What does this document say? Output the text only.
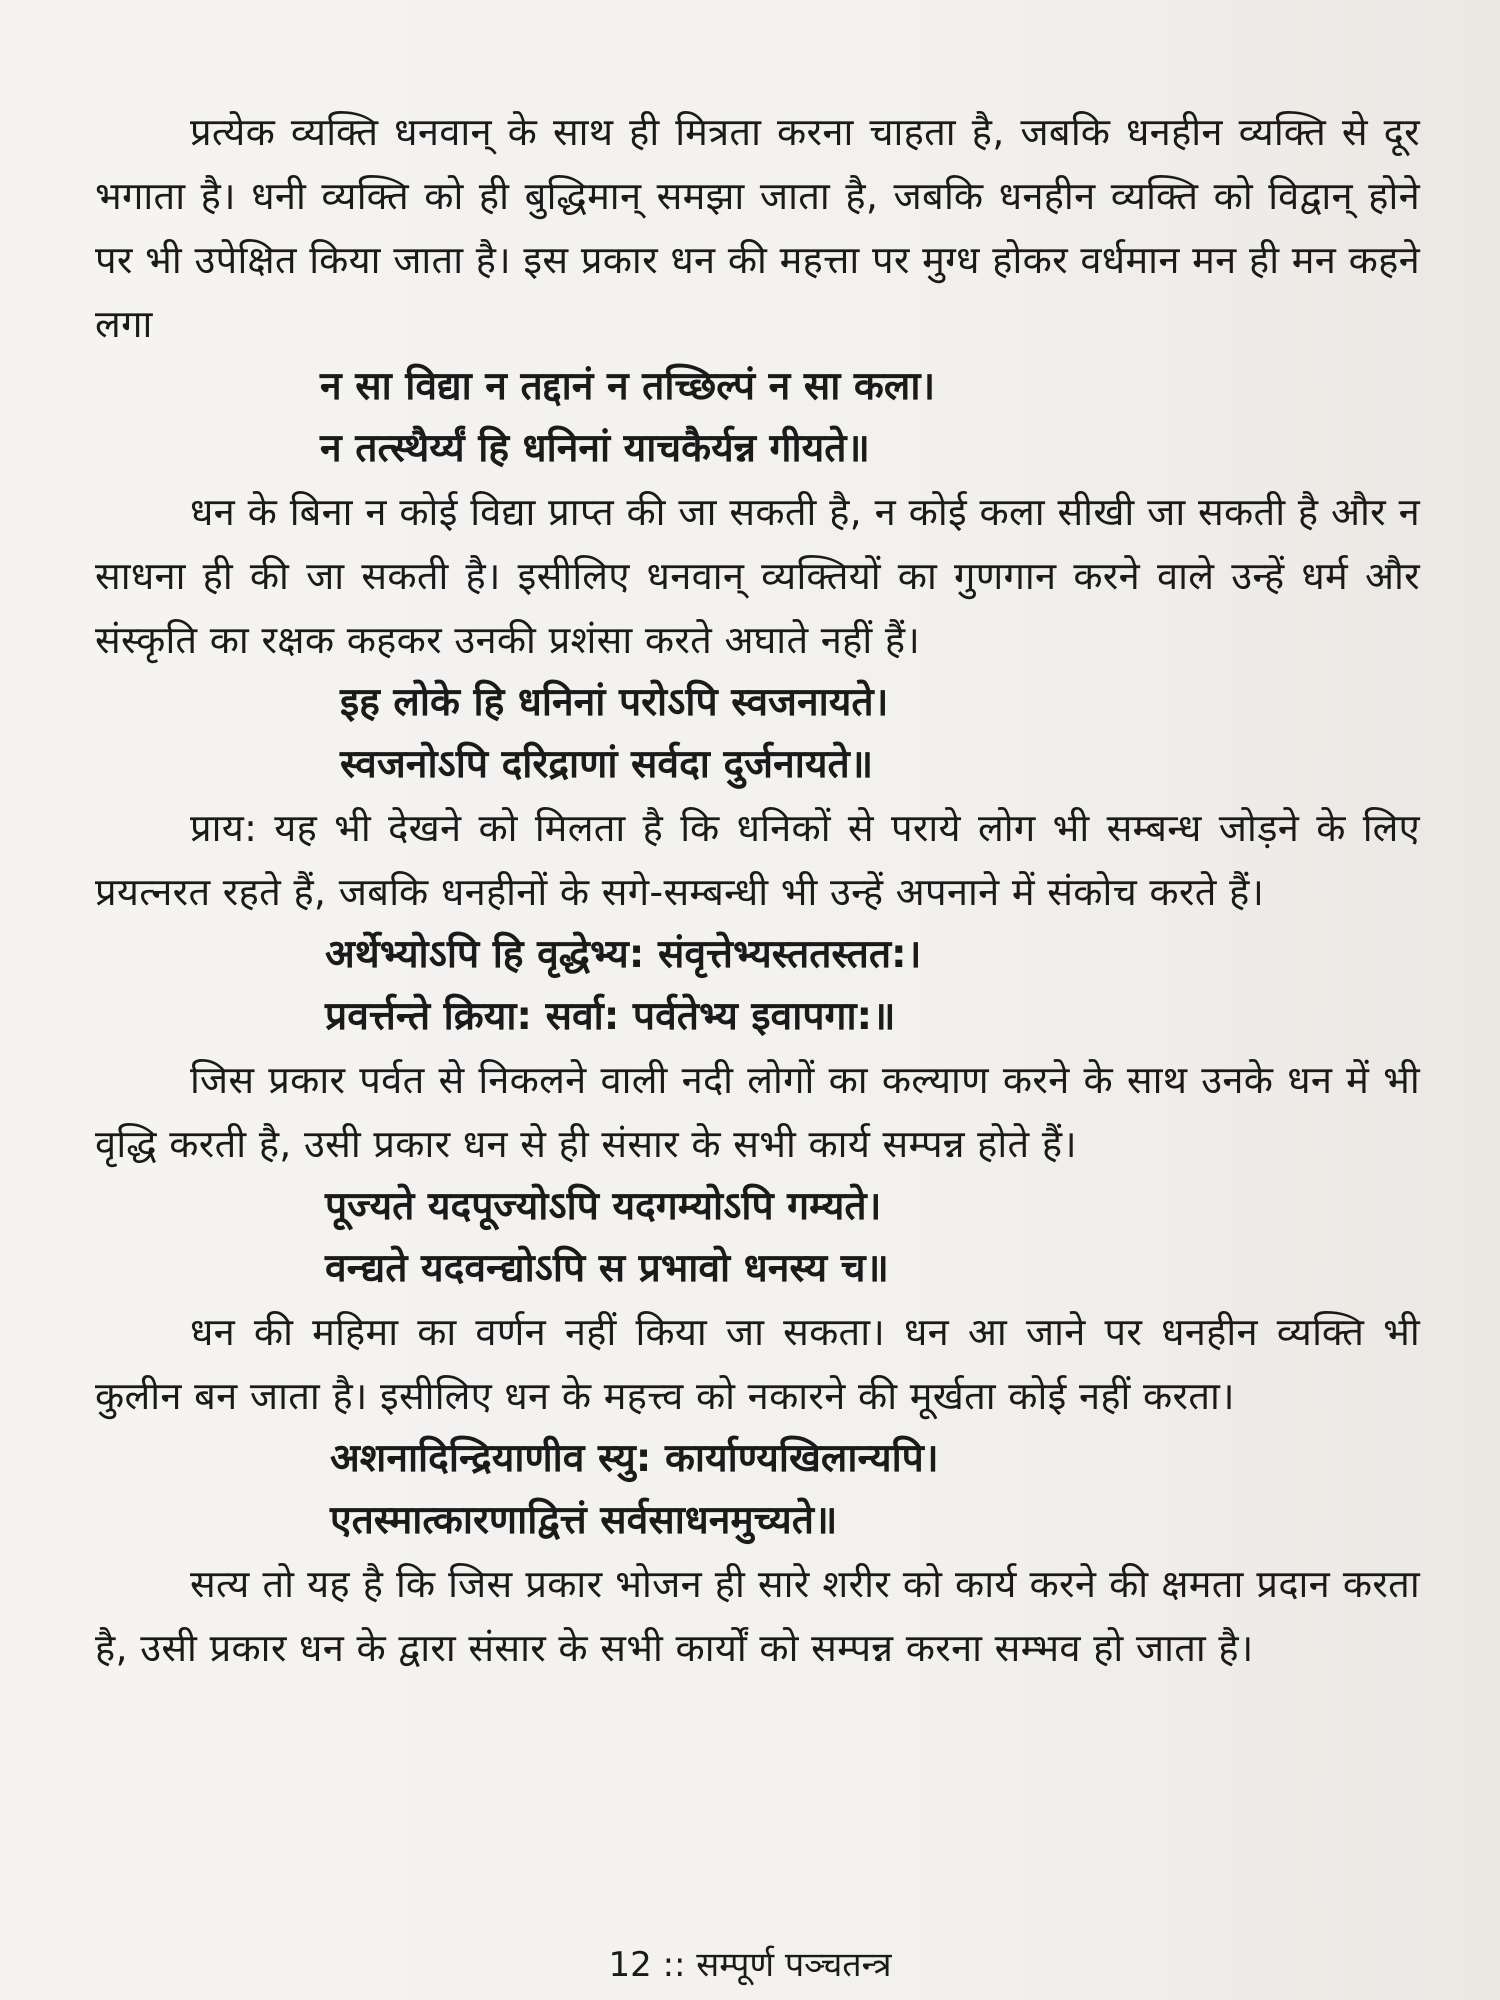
प्रत्येक व्यक्ति धनवान् के साथ ही मित्रता करना चाहता है, जबकि धनहीन व्यक्ति से दूर भगाता है। धनी व्यक्ति को ही बुद्धिमान् समझा जाता है, जबकि धनहीन व्यक्ति को विद्वान् होने पर भी उपेक्षित किया जाता है। इस प्रकार धन की महत्ता पर मुग्ध होकर वर्धमान मन ही मन कहने लगा

न सा विद्या न तद्दानं न तच्छिल्पं न सा कला।
न तत्स्थैर्य्यं हि धनिनां याचकैर्यन्न गीयते॥

धन के बिना न कोई विद्या प्राप्त की जा सकती है, न कोई कला सीखी जा सकती है और न साधना ही की जा सकती है। इसीलिए धनवान् व्यक्तियों का गुणगान करने वाले उन्हें धर्म और संस्कृति का रक्षक कहकर उनकी प्रशंसा करते अघाते नहीं हैं।

इह लोके हि धनिनां परोऽपि स्वजनायते।
स्वजनोऽपि दरिद्राणां सर्वदा दुर्जनायते॥

प्राय: यह भी देखने को मिलता है कि धनिकों से पराये लोग भी सम्बन्ध जोड़ने के लिए प्रयत्नरत रहते हैं, जबकि धनहीनों के सगे-सम्बन्धी भी उन्हें अपनाने में संकोच करते हैं।

अर्थेभ्योऽपि हि वृद्धेभ्य: संवृत्तेभ्यस्ततस्तत:।
प्रवर्त्तन्ते क्रिया: सर्वा: पर्वतेभ्य इवापगा:॥

जिस प्रकार पर्वत से निकलने वाली नदी लोगों का कल्याण करने के साथ उनके धन में भी वृद्धि करती है, उसी प्रकार धन से ही संसार के सभी कार्य सम्पन्न होते हैं।

पूज्यते यदपूज्योऽपि यदगम्योऽपि गम्यते।
वन्द्यते यदवन्द्योऽपि स प्रभावो धनस्य च॥

धन की महिमा का वर्णन नहीं किया जा सकता। धन आ जाने पर धनहीन व्यक्ति भी कुलीन बन जाता है। इसीलिए धन के महत्त्व को नकारने की मूर्खता कोई नहीं करता।

अशनादिन्द्रियाणीव स्यु: कार्याण्यखिलान्यपि।
एतस्मात्कारणाद्वित्तं सर्वसाधनमुच्यते॥

सत्य तो यह है कि जिस प्रकार भोजन ही सारे शरीर को कार्य करने की क्षमता प्रदान करता है, उसी प्रकार धन के द्वारा संसार के सभी कार्यों को सम्पन्न करना सम्भव हो जाता है।

12 :: सम्पूर्ण पञ्चतन्त्र
